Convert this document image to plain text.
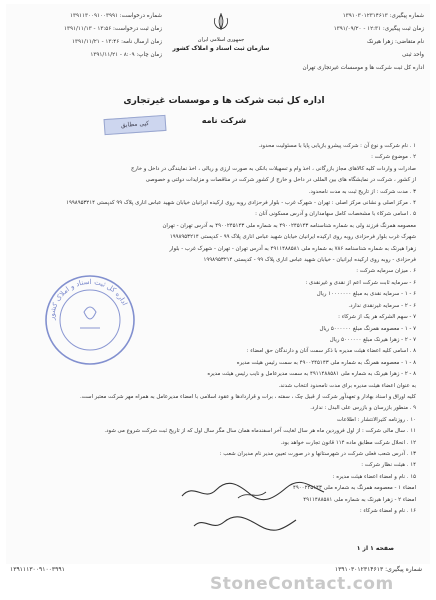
شماره درخواست: ۱۳۹۱۱۳۰۰۹۱۰۰۳۹۹۱
زمان ثبت درخواست: ۱۳:۵۶ - ۱۳۹۱/۱۱/۱۳
زمان ارسال نامه: ۱۳:۴۶ - ۱۳۹۱/۱۱/۲۱
زمان چاپ: ۸:۰۹ - ۱۳۹۱/۱۱/۲۱
جمهوری اسلامی ایران
سازمان ثبت اسناد و املاک کشور
شماره پیگیری: ۱۳۹۱۰۳۰۱۲۳۱۴۶۱۳
زمان ثبت پیگیری: ۱۲:۳۱ - ۱۳۹۱/۰۹/۲۰
نام متقاضی: زهرا هیرنک
واحد ثبتی
اداره کل ثبت شرکت ها و موسسات غیرتجاری تهران
اداره کل ثبت شرکت ها و موسسات غیرتجاری
شرکت نامه
کپی مطابق

۱ . نام شرکت و نوع آن : شرکت پیشرو بازیابی پایا با مسئولیت محدود.

۲ . موضوع شرکت :

صادرات و واردات کلیه کالاهای مجاز بازرگانی ، اخذ وام و تسهیلات بانکی به صورت ارزی و ریالی ، اخذ نمایندگی در داخل و خارج

از کشور ، شرکت در نمایشگاه های بین المللی در داخل و خارج از کشور شرکت در مناقصات و مزایدات دولتی و خصوصی

۳ . مدت شرکت : از تاریخ ثبت به مدت نامحدود.

۴ . مرکز اصلی و نشانی مرکز اصلی : تهران - شهرک غرب - بلوار فرحزادی روبه روی ارکیده ایرانیان خیابان شهید عباس اناری پلاک ۹۹ کدپستی ۱۹۹۸۹۵۳۲۱۴

۵ . اسامی شرکاء با مشخصات کامل سهامداران و آدرس مسکونی آنان :

معصومه همرنگ فرزند ولی به شماره شناسنامه ۴۹۰۰۲۴۵۱۴۳ به شماره ملی ۴۹۰۰۲۴۵۱۴۳ به آدرس تهران - تهران

شهرک غرب بلوار فرحزادی روبه روی ارکیده ایرانیان خیابان شهید عباس اناری پلاک ۹۹ - کدپستی ۱۹۹۸۹۵۳۲۱۴

زهرا هیرنک به شماره شناسنامه ۷۸۶ به شماره ملی ۴۹۱۱۴۸۸۵۸۱ به آدرس تهران - تهران - شهرک غرب - بلوار

فرحزادی - روبه روی ارکیده ایرانیان - خیابان شهید عباس اناری پلاک ۹۹ - کدپستی ۱۹۹۸۹۵۳۲۱۴

۶ . میزان سرمایه شرکت :

۶ - سرمایه ثابت شرکت اعم از نقدی و غیرنقدی :

۶ - ۱ - سرمایه نقدی به مبلغ ۱۰۰۰۰۰۰۰ ریال

۶ - ۲ - سرمایه غیرنقدی ندارد.

۷ - سهم الشرکه هر یک از شرکاء :

۷ - ۱ - معصومه همرنگ مبلغ ۵۰۰۰۰۰۰ ریال

۷ - ۲ - زهرا هیرنک مبلغ ۵۰۰۰۰۰۰ ریال

۸ . اسامی کلیه اعضاء هیئت مدیره با ذکر سمت آنان و دارندگان حق امضاء :

۸ - ۱ - معصومه همرنگ به شماره ملی ۴۹۰۰۲۴۵۱۴۳ به سمت رئیس هیئت مدیره

۸ - ۲ - زهرا هیرنک به شماره ملی ۴۹۱۱۴۸۸۵۸۱ به سمت مدیرعامل و نایب رئیس هیئت مدیره

به عنوان اعضاء هیئت مدیره برای مدت نامحدود انتخاب شدند.

کلیه اوراق و اسناد بهادار و تعهدآور شرکت از قبیل چک ، سفته ، برات و قراردادها و عقود اسلامی با امضاء مدیرعامل به همراه مهر شرکت معتبر است.

۹ . منطور بازرسان و بازرس علی البدل : ندارد.

۱۰ . روزنامه کثیرالانتشار : اطلاعات

۱۱ . سال مالی شرکت : از اول فروردین ماه هر سال لغایت آخر اسفندماه همان سال مگر سال اول که از تاریخ ثبت شرکت شروع می شود.

۱۲ . انحلال شرکت مطابق ماده ۱۱۴ قانون تجارت خواهد بود.

۱۳ . آدرس شعب فعلی شرکت در شهرستانها و در صورت تعیین مدیر نام مدیران شعب :

۱۴ . هیئت نظار شرکت :

۱۵ . نام و امضاء اعضاء هیئت مدیره :

امضاء ۱ - معصومه همرنگ به شماره ملی ۴۹۰۰۲۴۵۱۴۳

امضاء ۲ - زهرا هیرنک به شماره ملی ۴۹۱۱۴۸۸۵۸۱

۱۶ . نام و امضاء شرکاء :

اداره کل ثبت اسناد و املاک کشور
صفحه ۱ از ۱
۱۳۹۱۱۱۳۰۰۹۱۰۰۳۹۹۱	شماره پیگیری: ۱۳۹۱۰۳۰۱۲۳۱۴۶۱۳
StoneContact.com
